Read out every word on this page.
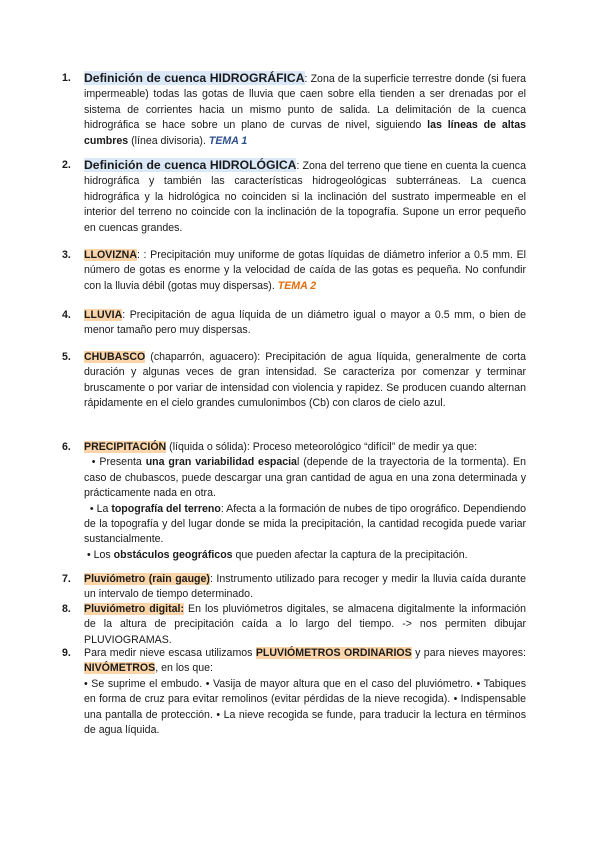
1. Definición de cuenca HIDROGRÁFICA: Zona de la superficie terrestre donde (si fuera impermeable) todas las gotas de lluvia que caen sobre ella tienden a ser drenadas por el sistema de corrientes hacia un mismo punto de salida. La delimitación de la cuenca hidrográfica se hace sobre un plano de curvas de nivel, siguiendo las líneas de altas cumbres (línea divisoria). TEMA 1
2. Definición de cuenca HIDROLÓGICA: Zona del terreno que tiene en cuenta la cuenca hidrográfica y también las características hidrogeológicas subterráneas. La cuenca hidrográfica y la hidrológica no coinciden si la inclinación del sustrato impermeable en el interior del terreno no coincide con la inclinación de la topografía. Supone un error pequeño en cuencas grandes.
3. LLOVIZNA: : Precipitación muy uniforme de gotas líquidas de diámetro inferior a 0.5 mm. El número de gotas es enorme y la velocidad de caída de las gotas es pequeña. No confundir con la lluvia débil (gotas muy dispersas). TEMA 2
4. LLUVIA: Precipitación de agua líquida de un diámetro igual o mayor a 0.5 mm, o bien de menor tamaño pero muy dispersas.
5. CHUBASCO (chaparrón, aguacero): Precipitación de agua líquida, generalmente de corta duración y algunas veces de gran intensidad. Se caracteriza por comenzar y terminar bruscamente o por variar de intensidad con violencia y rapidez. Se producen cuando alternan rápidamente en el cielo grandes cumulonimbos (Cb) con claros de cielo azul.
6. PRECIPITACIÓN (líquida o sólida): Proceso meteorológico “difícil” de medir ya que:
• Presenta una gran variabilidad espacial (depende de la trayectoria de la tormenta). En caso de chubascos, puede descargar una gran cantidad de agua en una zona determinada y prácticamente nada en otra.
• La topografía del terreno: Afecta a la formación de nubes de tipo orográfico. Dependiendo de la topografía y del lugar donde se mida la precipitación, la cantidad recogida puede variar sustancialmente.
• Los obstáculos geográficos que pueden afectar la captura de la precipitación.
7. Pluviómetro (rain gauge): Instrumento utilizado para recoger y medir la lluvia caída durante un intervalo de tiempo determinado.
8. Pluviómetro digital: En los pluviómetros digitales, se almacena digitalmente la información de la altura de precipitación caída a lo largo del tiempo. -> nos permiten dibujar PLUVIOGRAMAS.
9. Para medir nieve escasa utilizamos PLUVIÓMETROS ORDINARIOS y para nieves mayores: NIVÓMETROS, en los que:
• Se suprime el embudo. • Vasija de mayor altura que en el caso del pluviómetro. • Tabiques en forma de cruz para evitar remolinos (evitar pérdidas de la nieve recogida). • Indispensable una pantalla de protección. • La nieve recogida se funde, para traducir la lectura en términos de agua líquida.
